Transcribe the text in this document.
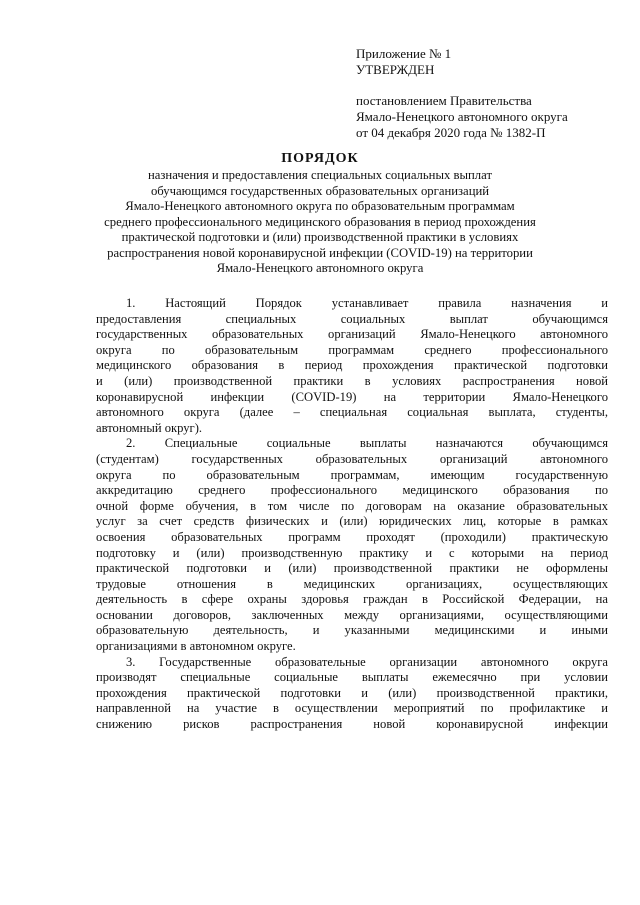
Приложение № 1
УТВЕРЖДЕН
постановлением Правительства
Ямало-Ненецкого автономного округа
от 04 декабря 2020 года № 1382-П
ПОРЯДОК
назначения и предоставления специальных социальных выплат
обучающимся государственных образовательных организаций
Ямало-Ненецкого автономного округа по образовательным программам
среднего профессионального медицинского образования в период прохождения
практической подготовки и (или) производственной практики в условиях
распространения новой коронавирусной инфекции (COVID-19) на территории
Ямало-Ненецкого автономного округа
1. Настоящий Порядок устанавливает правила назначения и
предоставления специальных социальных выплат обучающимся
государственных образовательных организаций Ямало-Ненецкого автономного
округа по образовательным программам среднего профессионального
медицинского образования в период прохождения практической подготовки
и (или) производственной практики в условиях распространения новой
коронавирусной инфекции (COVID-19) на территории Ямало-Ненецкого
автономного округа (далее – специальная социальная выплата, студенты,
автономный округ).
2. Специальные социальные выплаты назначаются обучающимся
(студентам) государственных образовательных организаций автономного
округа по образовательным программам, имеющим государственную
аккредитацию среднего профессионального медицинского образования по
очной форме обучения, в том числе по договорам на оказание образовательных
услуг за счет средств физических и (или) юридических лиц, которые в рамках
освоения образовательных программ проходят (проходили) практическую
подготовку и (или) производственную практику и с которыми на период
практической подготовки и (или) производственной практики не оформлены
трудовые отношения в медицинских организациях, осуществляющих
деятельность в сфере охраны здоровья граждан в Российской Федерации, на
основании договоров, заключенных между организациями, осуществляющими
образовательную деятельность, и указанными медицинскими и иными
организациями в автономном округе.
3. Государственные образовательные организации автономного округа
производят специальные социальные выплаты ежемесячно при условии
прохождения практической подготовки и (или) производственной практики,
направленной на участие в осуществлении мероприятий по профилактике и
снижению рисков распространения новой коронавирусной инфекции
